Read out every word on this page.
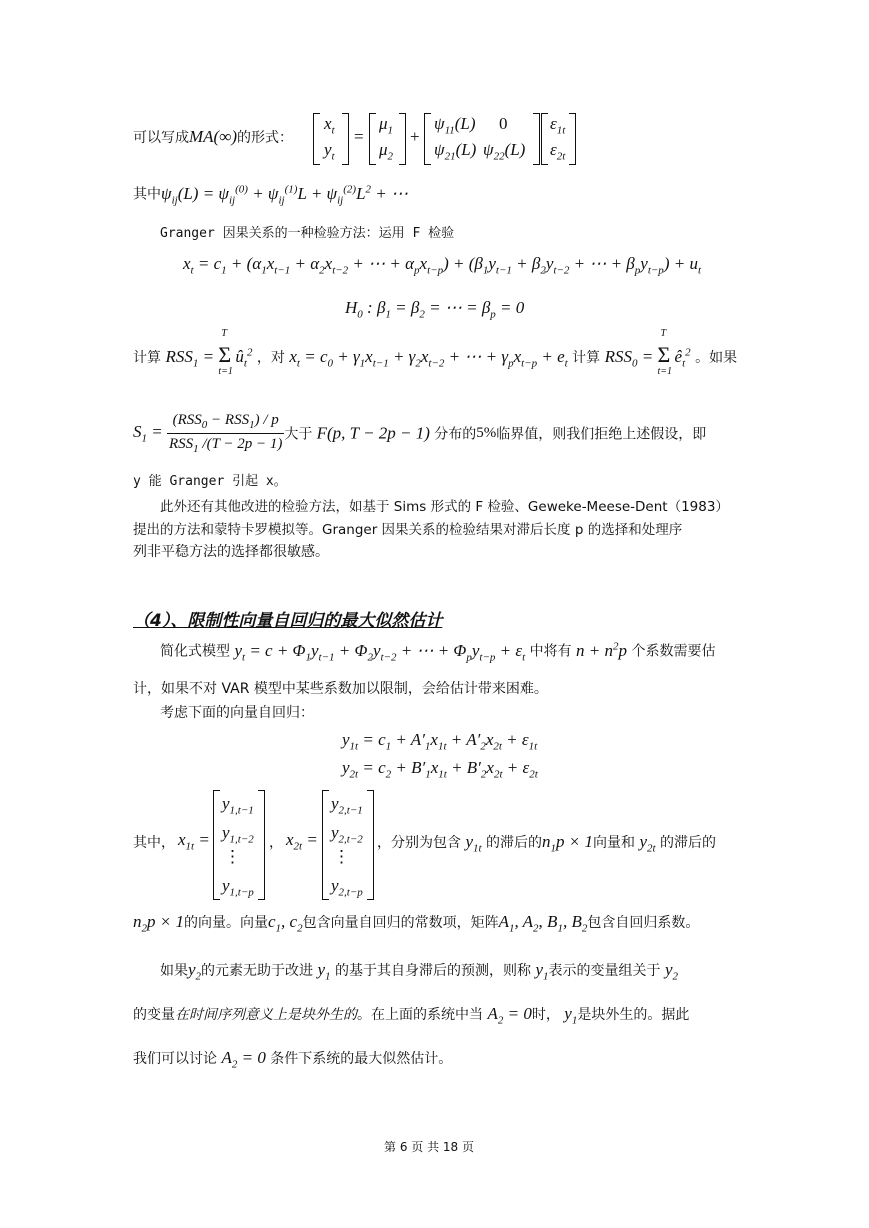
可以写成MA(∞)的形式：
$x_t$
$y_t$
=
$\mu_1$
$\mu_2$
+
$\psi_{11}(L)$ 0
$\psi_{21}(L)$ $\psi_{22}(L)$
$\varepsilon_{1t}$
$\varepsilon_{2t}$
其中$\psi_{ij}(L) = \psi_{ij}^{(0)} + \psi_{ij}^{(1)}L + \psi_{ij}^{(2)}L^2$ + ⋯
Granger 因果关系的一种检验方法：运用 F 检验
$x_t = c_1 + (\alpha_1x_{t-1} + \alpha_2x_{t-2}$ + ⋯ + $\alpha_px_{t-p}) + (\beta_1y_{t-1} + \beta_2y_{t-2}$ + ⋯ + $\beta_py_{t-p}) + u_t$
$H_0$ : $\beta_1 = \beta_2$ = ⋯ = $\beta_p = 0$
计算 $RSS_1 = \Sigma$
T
t=1
$û_t^2$ ，对 $x_t = c_0 + \gamma_1x_{t-1} + \gamma_2x_{t-2}$ + ⋯ + $\gamma_px_{t-p} + e_t$ 计算 $RSS_0 = \Sigma$
T
t=1
$ê_t^2$ 。如果
$S_1 = \frac{(RSS_0 - RSS_1) / p}{RSS_1 /(T - 2p - 1)}$ 大于 F(p, T − 2p − 1) 分布的5%临界值，则我们拒绝上述假设，即
y 能 Granger 引起 x。
此外还有其他改进的检验方法，如基于 Sims 形式的 F 检验、Geweke-Meese-Dent（1983）
提出的方法和蒙特卡罗模拟等。Granger 因果关系的检验结果对滞后长度 p 的选择和处理序
列非平稳方法的选择都很敏感。
（4）、限制性向量自回归的最大似然估计
简化式模型 $y_t = c + \Phi_1y_{t-1} + \Phi_2y_{t-2}$ + ⋯ + $\Phi_py_{t-p} + \varepsilon_t$ 中将有 $n + n^2p$ 个系数需要估
计，如果不对 VAR 模型中某些系数加以限制，会给估计带来困难。
考虑下面的向量自回归：
$y_{1t} = c_1 + A'_1x_{1t} + A'_2x_{2t} + \varepsilon_{1t}$
$y_{2t} = c_2 + B'_1x_{1t} + B'_2x_{2t} + \varepsilon_{2t}$
其中， $x_{1t}$ =
$y_{1,t-1}$
$y_{1,t-2}$
⋮
$y_{1,t-p}$
， $x_{2t}$ =
$y_{2,t-1}$
$y_{2,t-2}$
⋮
$y_{2,t-p}$
，分别为包含 $y_{1t}$ 的滞后的$n_1p \times 1$向量和 $y_{2t}$ 的滞后的
$n_2p \times 1$的向量。向量$c_1$, $c_2$包含向量自回归的常数项，矩阵$A_1$, $A_2$, $B_1$, $B_2$包含自回归系数。
如果$y_2$的元素无助于改进 $y_1$ 的基于其自身滞后的预测，则称 $y_1$表示的变量组关于 $y_2$
的变量在时间序列意义上是块外生的。在上面的系统中当 $A_2 = 0$时， $y_1$是块外生的。据此
我们可以讨论 $A_2 = 0$ 条件下系统的最大似然估计。
第 6 页 共 18 页
